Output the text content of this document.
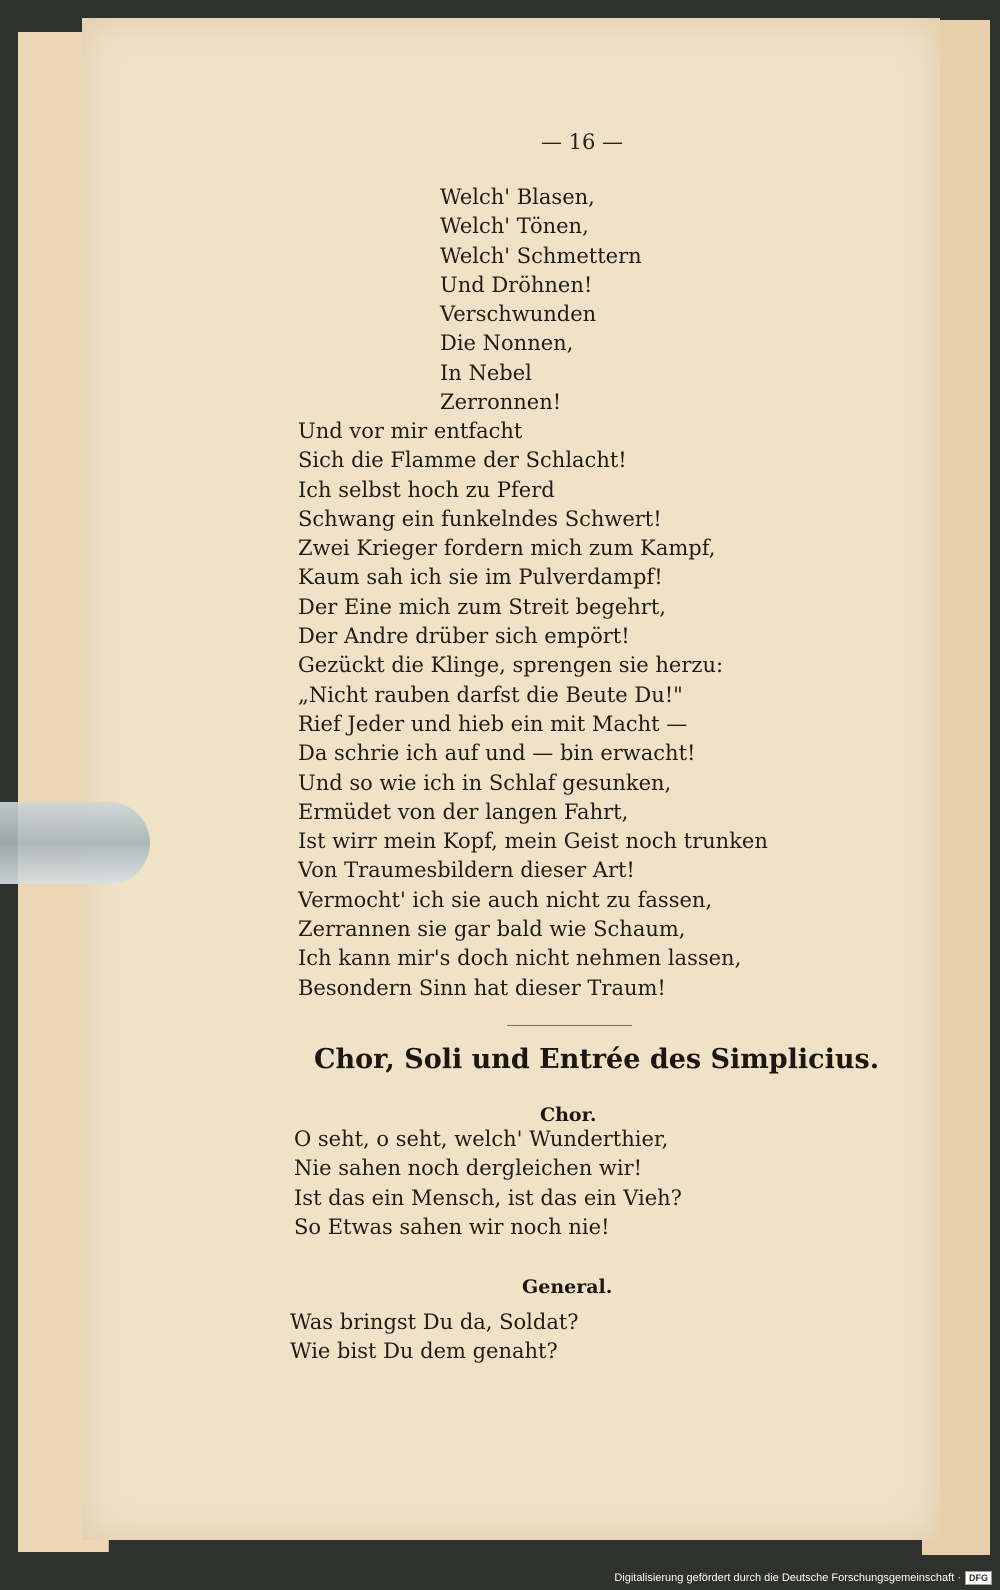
— 16 —
Welch' Blasen,
Welch' Tönen,
Welch' Schmettern
Und Dröhnen!
Verschwunden
Die Nonnen,
In Nebel
Zerronnen!
Und vor mir entfacht
Sich die Flamme der Schlacht!
Ich selbst hoch zu Pferd
Schwang ein funkelndes Schwert!
Zwei Krieger fordern mich zum Kampf,
Kaum sah ich sie im Pulverdampf!
Der Eine mich zum Streit begehrt,
Der Andre drüber sich empört!
Gezückt die Klinge, sprengen sie herzu:
„Nicht rauben darfst die Beute Du!"
Rief Jeder und hieb ein mit Macht —
Da schrie ich auf und — bin erwacht!
Und so wie ich in Schlaf gesunken,
Ermüdet von der langen Fahrt,
Ist wirr mein Kopf, mein Geist noch trunken
Von Traumesbildern dieser Art!
Vermocht' ich sie auch nicht zu fassen,
Zerrannen sie gar bald wie Schaum,
Ich kann mir's doch nicht nehmen lassen,
Besondern Sinn hat dieser Traum!
Chor, Soli und Entrée des Simplicius.
Chor.
O seht, o seht, welch' Wunderthier,
Nie sahen noch dergleichen wir!
Ist das ein Mensch, ist das ein Vieh?
So Etwas sahen wir noch nie!
General.
Was bringst Du da, Soldat?
Wie bist Du dem genaht?
Digitalisierung gefördert durch die Deutsche Forschungsgemeinschaft · DFG
